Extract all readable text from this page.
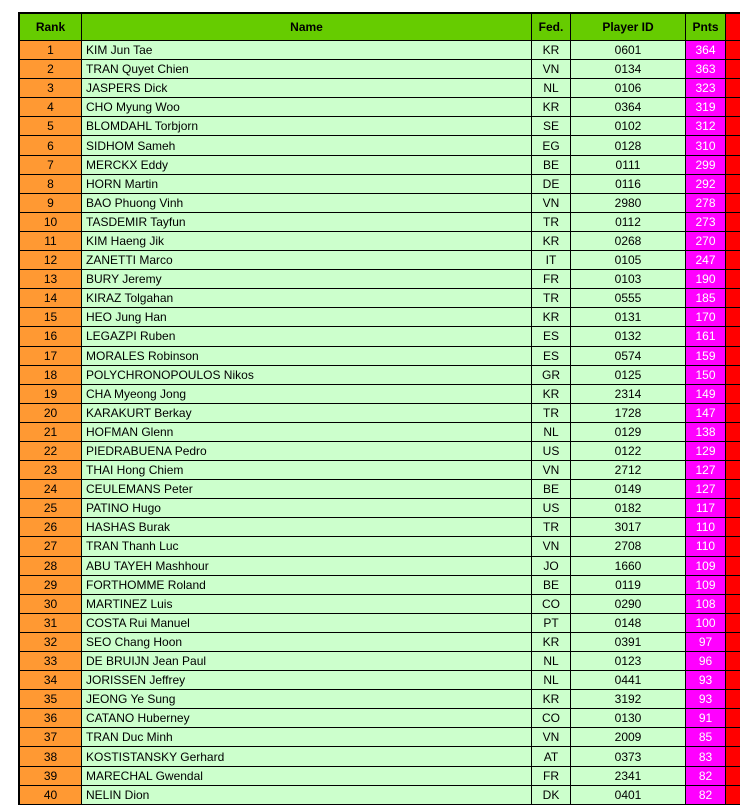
Rank	Name	Fed.	Player ID	Pnts
1	KIM Jun Tae	KR	0601	364
2	TRAN Quyet Chien	VN	0134	363
3	JASPERS Dick	NL	0106	323
4	CHO Myung Woo	KR	0364	319
5	BLOMDAHL Torbjorn	SE	0102	312
6	SIDHOM Sameh	EG	0128	310
7	MERCKX Eddy	BE	0111	299
8	HORN Martin	DE	0116	292
9	BAO Phuong Vinh	VN	2980	278
10	TASDEMIR Tayfun	TR	0112	273
11	KIM Haeng Jik	KR	0268	270
12	ZANETTI Marco	IT	0105	247
13	BURY Jeremy	FR	0103	190
14	KIRAZ Tolgahan	TR	0555	185
15	HEO Jung Han	KR	0131	170
16	LEGAZPI Ruben	ES	0132	161
17	MORALES Robinson	ES	0574	159
18	POLYCHRONOPOULOS Nikos	GR	0125	150
19	CHA Myeong Jong	KR	2314	149
20	KARAKURT Berkay	TR	1728	147
21	HOFMAN Glenn	NL	0129	138
22	PIEDRABUENA Pedro	US	0122	129
23	THAI Hong Chiem	VN	2712	127
24	CEULEMANS Peter	BE	0149	127
25	PATINO Hugo	US	0182	117
26	HASHAS Burak	TR	3017	110
27	TRAN Thanh Luc	VN	2708	110
28	ABU TAYEH Mashhour	JO	1660	109
29	FORTHOMME Roland	BE	0119	109
30	MARTINEZ Luis	CO	0290	108
31	COSTA Rui Manuel	PT	0148	100
32	SEO Chang Hoon	KR	0391	97
33	DE BRUIJN Jean Paul	NL	0123	96
34	JORISSEN Jeffrey	NL	0441	93
35	JEONG Ye Sung	KR	3192	93
36	CATANO Huberney	CO	0130	91
37	TRAN Duc Minh	VN	2009	85
38	KOSTISTANSKY Gerhard	AT	0373	83
39	MARECHAL Gwendal	FR	2341	82
40	NELIN Dion	DK	0401	82
